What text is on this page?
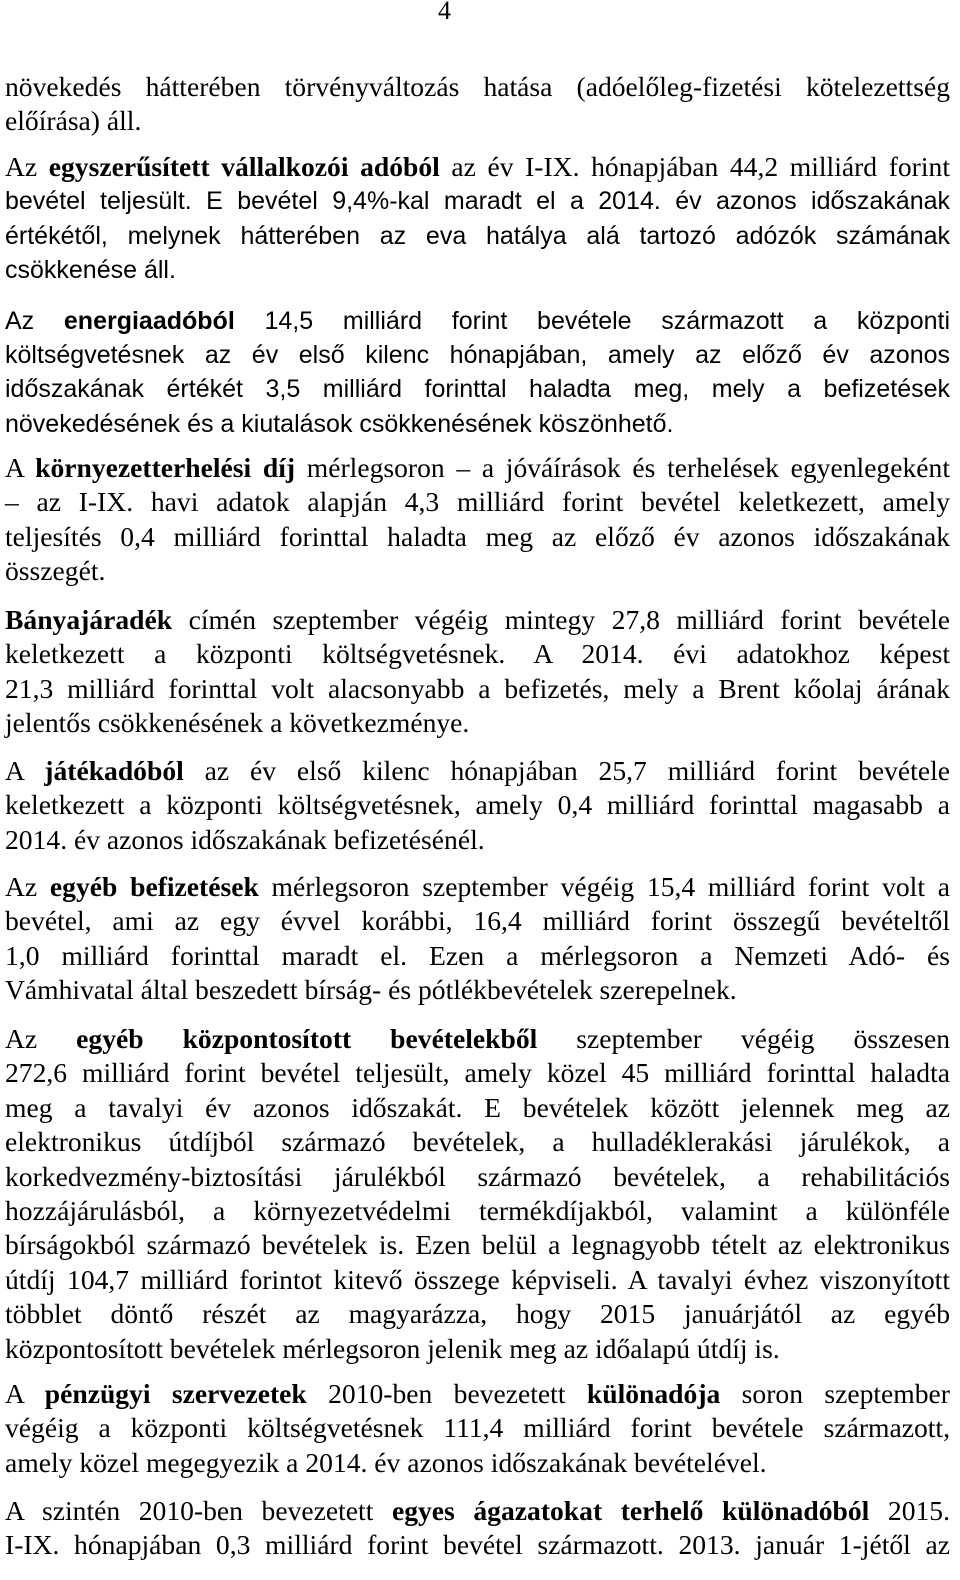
4
növekedés hátterében törvényváltozás hatása (adóelőleg-fizetési kötelezettség
előírása) áll.
Az egyszerűsített vállalkozói adóból az év I-IX. hónapjában 44,2 milliárd forint
bevétel teljesült. E bevétel 9,4%-kal maradt el a 2014. év azonos időszakának
értékétől, melynek hátterében az eva hatálya alá tartozó adózók számának
csökkenése áll.
Az energiaadóból 14,5 milliárd forint bevétele származott a központi
költségvetésnek az év első kilenc hónapjában, amely az előző év azonos
időszakának értékét 3,5 milliárd forinttal haladta meg, mely a befizetések
növekedésének és a kiutalások csökkenésének köszönhető.
A környezetterhelési díj mérlegsoron – a jóváírások és terhelések egyenlegeként
– az I-IX. havi adatok alapján 4,3 milliárd forint bevétel keletkezett, amely
teljesítés 0,4 milliárd forinttal haladta meg az előző év azonos időszakának
összegét.
Bányajáradék címén szeptember végéig mintegy 27,8 milliárd forint bevétele
keletkezett a központi költségvetésnek. A 2014. évi adatokhoz képest
21,3 milliárd forinttal volt alacsonyabb a befizetés, mely a Brent kőolaj árának
jelentős csökkenésének a következménye.
A játékadóból az év első kilenc hónapjában 25,7 milliárd forint bevétele
keletkezett a központi költségvetésnek, amely 0,4 milliárd forinttal magasabb a
2014. év azonos időszakának befizetésénél.
Az egyéb befizetések mérlegsoron szeptember végéig 15,4 milliárd forint volt a
bevétel, ami az egy évvel korábbi, 16,4 milliárd forint összegű bevételtől
1,0 milliárd forinttal maradt el. Ezen a mérlegsoron a Nemzeti Adó- és
Vámhivatal által beszedett bírság- és pótlékbevételek szerepelnek.
Az egyéb központosított bevételekből szeptember végéig összesen
272,6 milliárd forint bevétel teljesült, amely közel 45 milliárd forinttal haladta
meg a tavalyi év azonos időszakát. E bevételek között jelennek meg az
elektronikus útdíjból származó bevételek, a hulladéklerakási járulékok, a
korkedvezmény-biztosítási járulékból származó bevételek, a rehabilitációs
hozzájárulásból, a környezetvédelmi termékdíjakból, valamint a különféle
bírságokból származó bevételek is. Ezen belül a legnagyobb tételt az elektronikus
útdíj 104,7 milliárd forintot kitevő összege képviseli. A tavalyi évhez viszonyított
többlet döntő részét az magyarázza, hogy 2015 januárjától az egyéb
központosított bevételek mérlegsoron jelenik meg az időalapú útdíj is.
A pénzügyi szervezetek 2010-ben bevezetett különadója soron szeptember
végéig a központi költségvetésnek 111,4 milliárd forint bevétele származott,
amely közel megegyezik a 2014. év azonos időszakának bevételével.
A szintén 2010-ben bevezetett egyes ágazatokat terhelő különadóból 2015.
I-IX. hónapjában 0,3 milliárd forint bevétel származott. 2013. január 1-jétől az
